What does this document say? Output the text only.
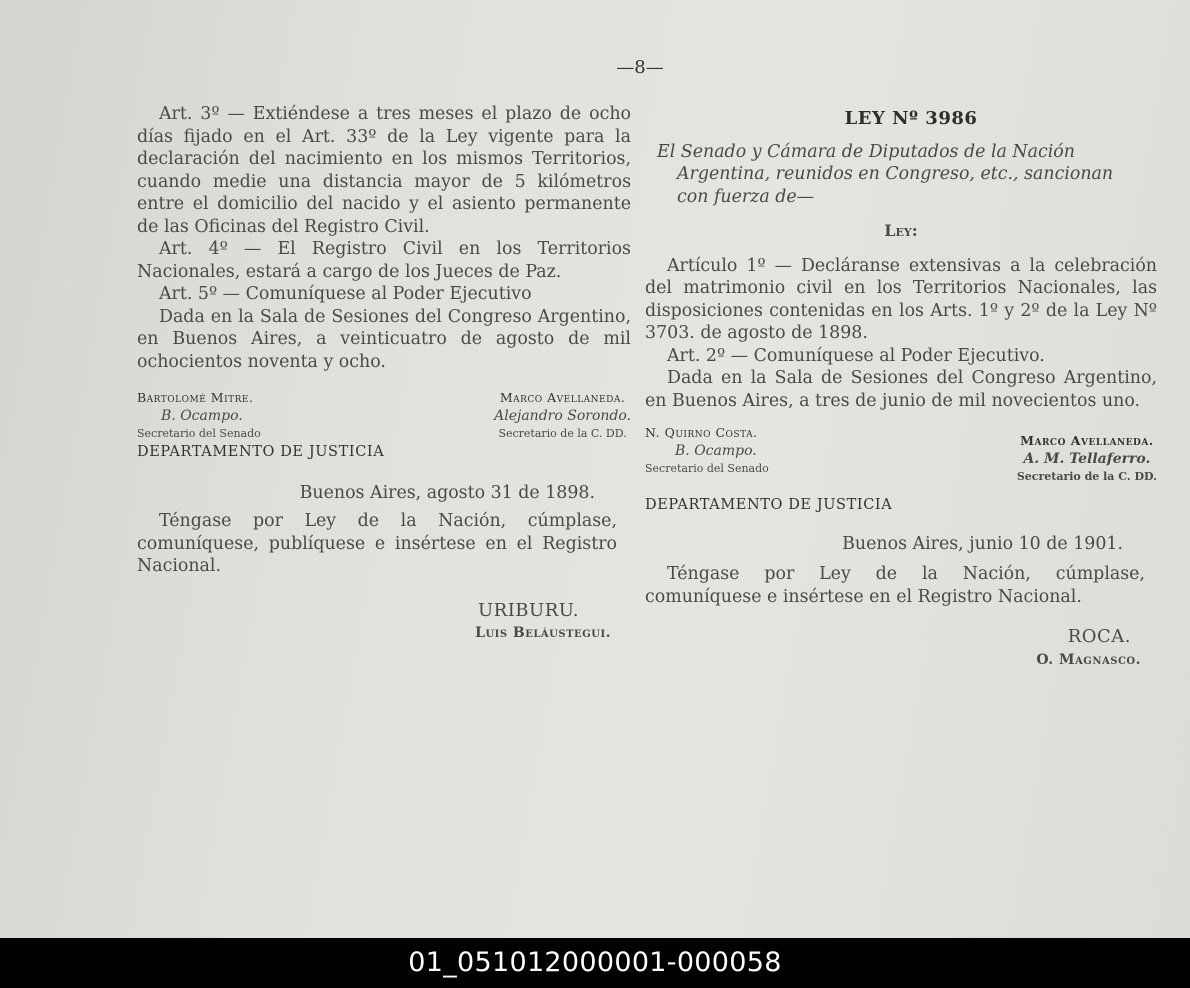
—8—

Art. 3º — Extiéndese a tres meses el plazo de ocho días fijado en el Art. 33º de la Ley vigente para la declaración del nacimiento en los mismos Territorios, cuando medie una distancia mayor de 5 kilómetros entre el domicilio del nacido y el asiento permanente de las Oficinas del Registro Civil.

Art. 4º — El Registro Civil en los Territorios Nacionales, estará a cargo de los Jueces de Paz.

Art. 5º — Comuníquese al Poder Ejecutivo

Dada en la Sala de Sesiones del Congreso Argentino, en Buenos Aires, a veinticuatro de agosto de mil ochocientos noventa y ocho.

Bartolomé Mitre.
B. Ocampo.
Secretario del Senado
Marco Avellaneda.
Alejandro Sorondo.
Secretario de la C. DD.
DEPARTAMENTO DE JUSTICIA

Buenos Aires, agosto 31 de 1898.

Téngase por Ley de la Nación, cúmplase, comuníquese, publíquese e insértese en el Registro Nacional.

URIBURU.
Luis Beláustegui.
LEY Nº 3986
El Senado y Cámara de Diputados de la Nación
Argentina, reunidos en Congreso, etc., sancionan
con fuerza de—
Ley:

Artículo 1º — Decláranse extensivas a la celebración del matrimonio civil en los Territorios Nacionales, las disposiciones contenidas en los Arts. 1º y 2º de la Ley Nº 3703. de agosto de 1898.

Art. 2º — Comuníquese al Poder Ejecutivo.

Dada en la Sala de Sesiones del Congreso Argentino, en Buenos Aires, a tres de junio de mil novecientos uno.

N. Quirno Costa.
B. Ocampo.
Secretario del Senado
Marco Avellaneda.
A. M. Tellaferro.
Secretario de la C. DD.
DEPARTAMENTO DE JUSTICIA

Buenos Aires, junio 10 de 1901.

Téngase por Ley de la Nación, cúmplase, comuníquese e insértese en el Registro Nacional.

ROCA.
O. Magnasco.
01_051012000001-000058
